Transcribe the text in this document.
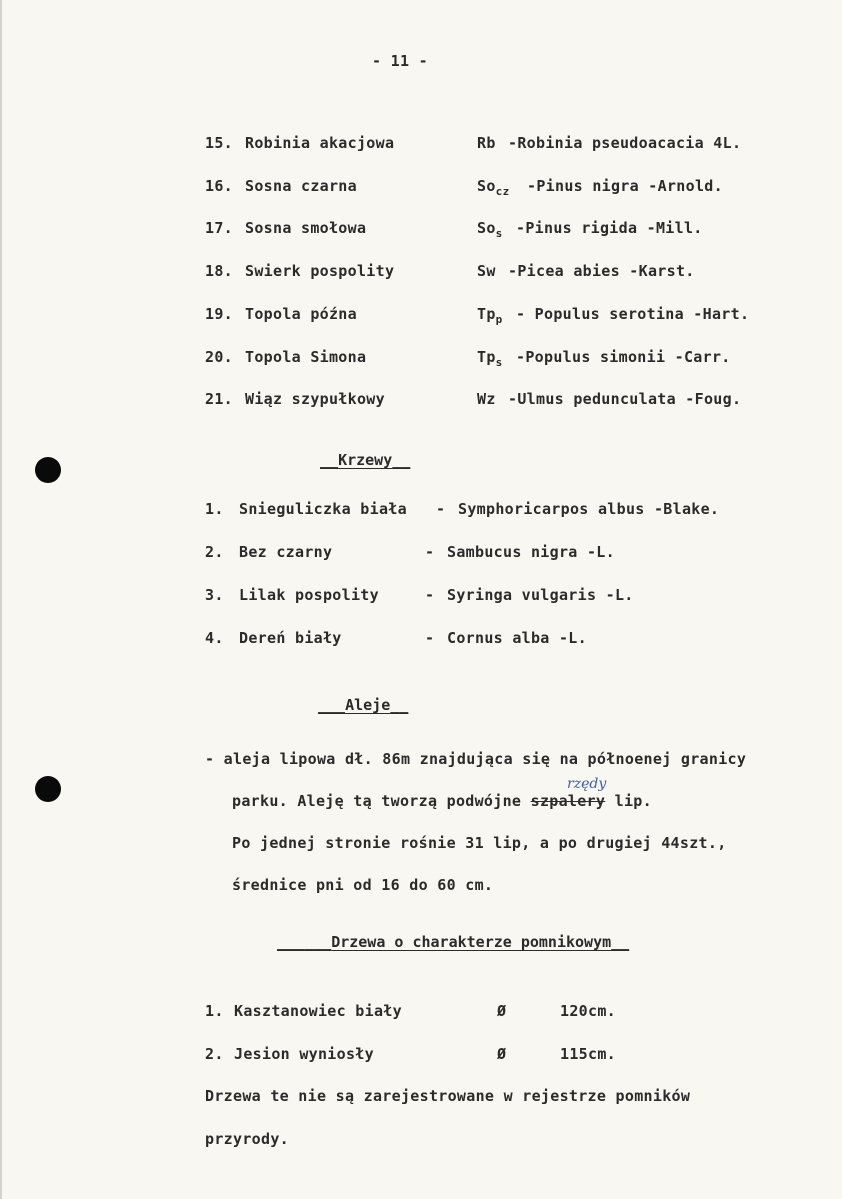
- 11 -
15. Robinia akacjowa	Rb -Robinia pseudoacacia 4L.
16. Sosna czarna	$So_{cz}$ -Pinus nigra -Arnold.
17. Sosna smołowa	$So_s$ -Pinus rigida -Mill.
18. Swierk pospolity	Sw -Picea abies -Karst.
19. Topola późna	$Tp_p$ - Populus serotina -Hart.
20. Topola Simona	$Tp_s$ -Populus simonii -Carr.
21. Wiąz szypułkowy	Wz -Ulmus pedunculata -Foug.
__Krzewy__
1. Snieguliczka biała - Symphoricarpos albus -Blake.
2. Bez czarny	- Sambucus nigra -L.
3. Lilak pospolity	- Syringa vulgaris -L.
4. Dereń biały	- Cornus alba -L.
___Aleje__
- aleja lipowa dł. 86m znajdująca się na półnoenej granicy
parku. Aleję tą tworzą podwójne szpalery lip.
rzędy
Po jednej stronie rośnie 31 lip, a po drugiej 44szt.,
średnice pni od 16 do 60 cm.
______Drzewa o charakterze pomnikowym__
1. Kasztanowiec biały	Ø	120cm.
2. Jesion wyniosły	Ø	115cm.
Drzewa te nie są zarejestrowane w rejestrze pomników
przyrody.
